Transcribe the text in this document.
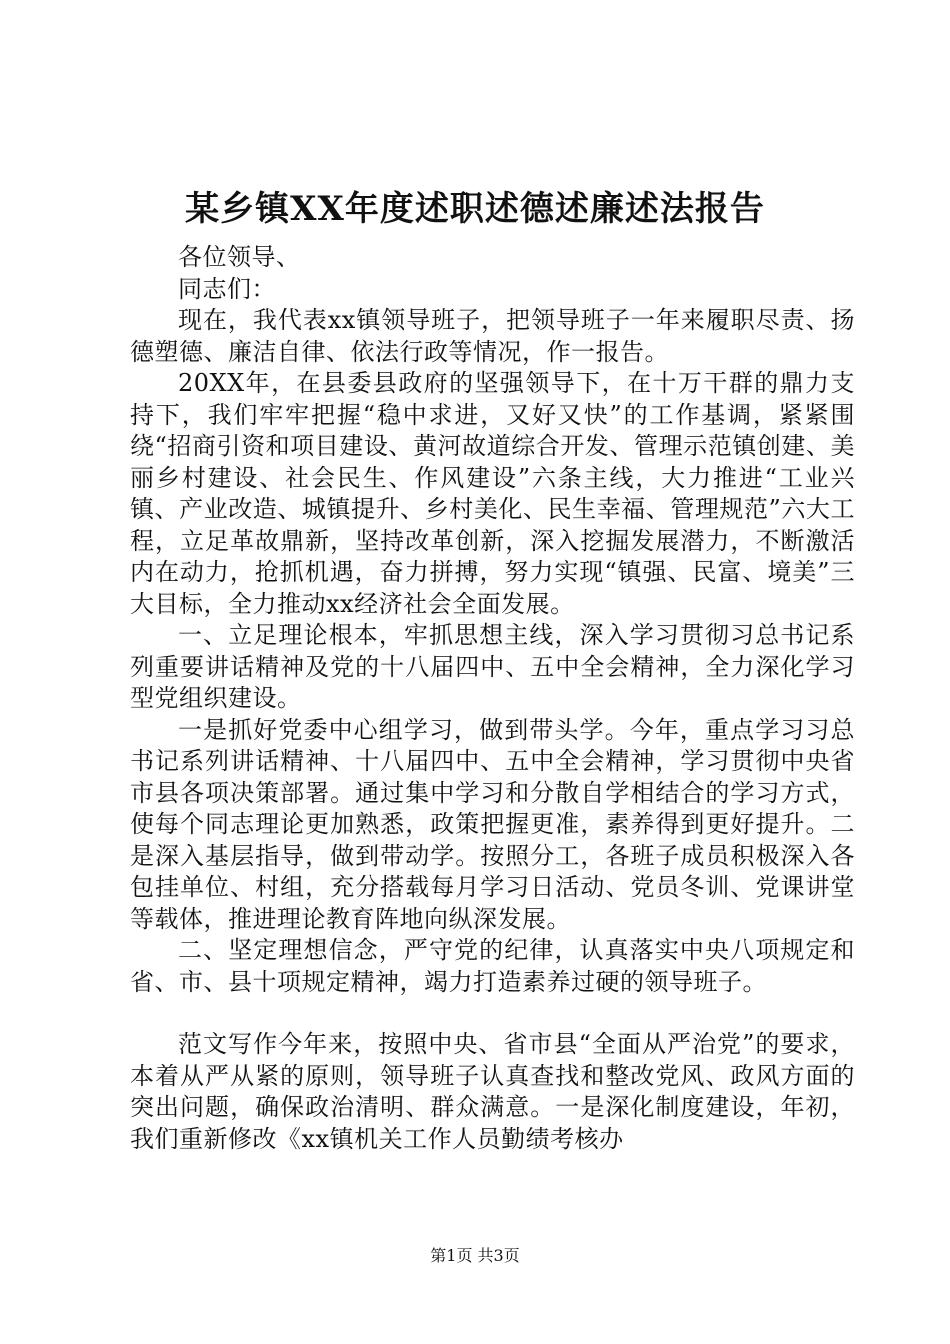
某乡镇XX年度述职述德述廉述法报告

各位领导、

同志们：

现在，我代表xx镇领导班子，把领导班子一年来履职尽责、扬德塑德、廉洁自律、依法行政等情况，作一报告。

20XX年，在县委县政府的坚强领导下，在十万干群的鼎力支持下，我们牢牢把握“稳中求进，又好又快”的工作基调，紧紧围绕“招商引资和项目建设、黄河故道综合开发、管理示范镇创建、美丽乡村建设、社会民生、作风建设”六条主线，大力推进“工业兴镇、产业改造、城镇提升、乡村美化、民生幸福、管理规范”六大工程，立足革故鼎新，坚持改革创新，深入挖掘发展潜力，不断激活内在动力，抢抓机遇，奋力拼搏，努力实现“镇强、民富、境美”三大目标，全力推动xx经济社会全面发展。

一、立足理论根本，牢抓思想主线，深入学习贯彻习总书记系列重要讲话精神及党的十八届四中、五中全会精神，全力深化学习型党组织建设。

一是抓好党委中心组学习，做到带头学。今年，重点学习习总书记系列讲话精神、十八届四中、五中全会精神，学习贯彻中央省市县各项决策部署。通过集中学习和分散自学相结合的学习方式，使每个同志理论更加熟悉，政策把握更准，素养得到更好提升。二是深入基层指导，做到带动学。按照分工，各班子成员积极深入各包挂单位、村组，充分搭载每月学习日活动、党员冬训、党课讲堂等载体，推进理论教育阵地向纵深发展。

二、坚定理想信念，严守党的纪律，认真落实中央八项规定和省、市、县十项规定精神，竭力打造素养过硬的领导班子。

范文写作今年来，按照中央、省市县“全面从严治党”的要求，本着从严从紧的原则，领导班子认真查找和整改党风、政风方面的突出问题，确保政治清明、群众满意。一是深化制度建设，年初，我们重新修改《xx镇机关工作人员勤绩考核办

第1页 共3页
